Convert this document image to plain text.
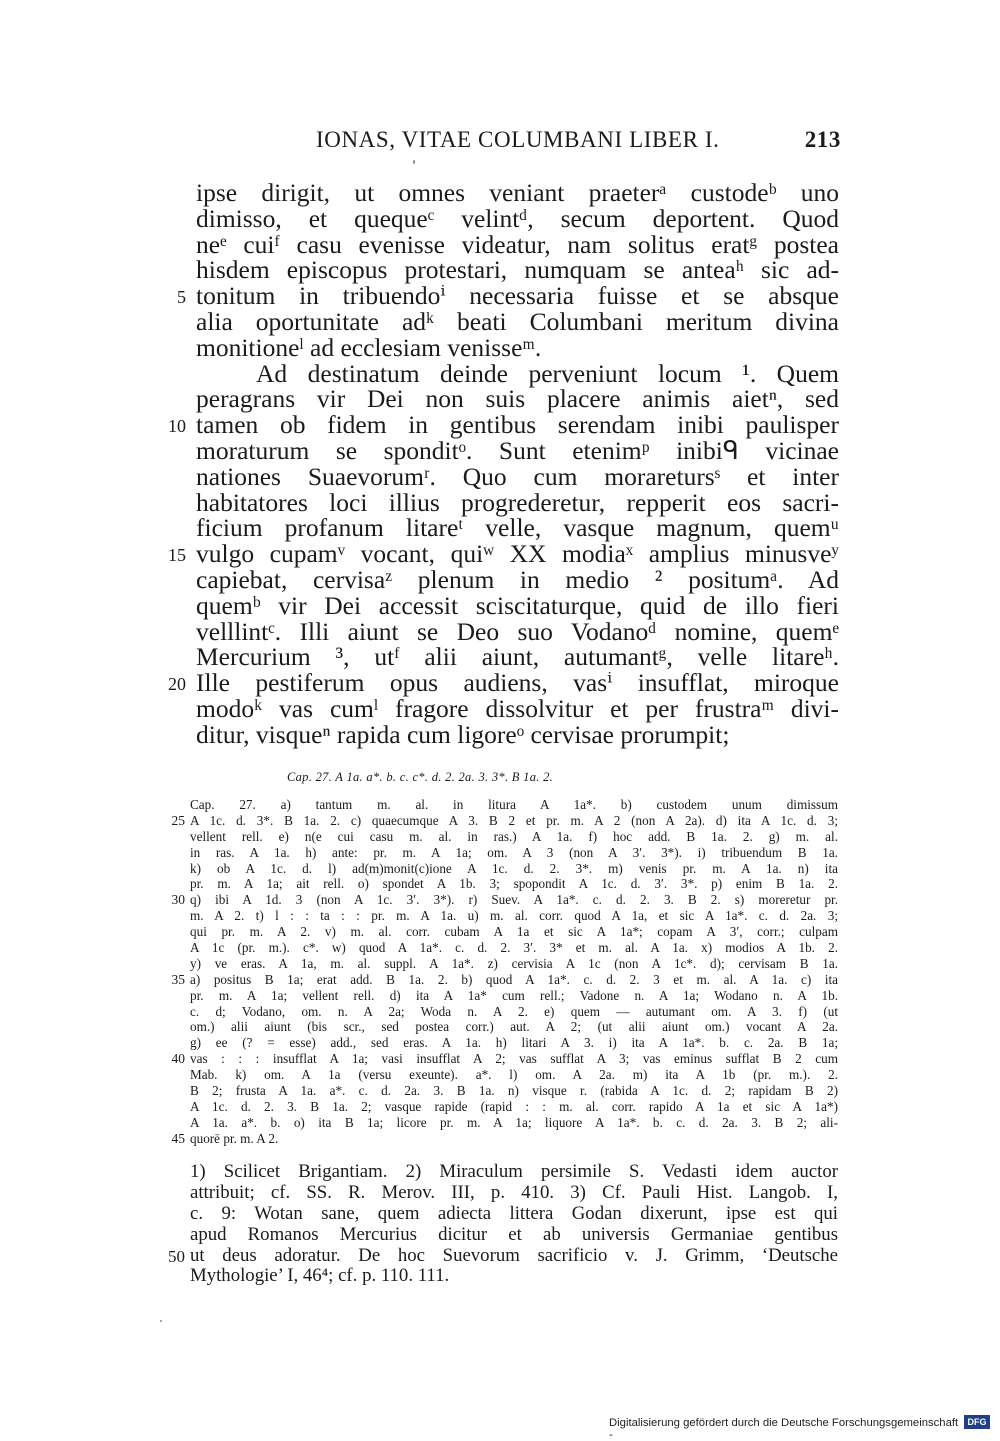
IONAS, VITAE COLUMBANI LIBER I.	213
ipse dirigit, ut omnes veniant praeterᵃ custodeᵇ uno
dimisso, et quequeᶜ velintᵈ, secum deportent. Quod
neᵉ cuiᶠ casu evenisse videatur, nam solitus eratᵍ postea
hisdem episcopus protestari, numquam se anteaʰ sic ad-
5 tonitum in tribuendoⁱ necessaria fuisse et se absque
alia oportunitate adᵏ beati Columbani meritum divina
monitioneˡ ad ecclesiam venisseᵐ.
Ad destinatum deinde perveniunt locum ¹. Quem
peragrans vir Dei non suis placere animis aietⁿ, sed
10 tamen ob fidem in gentibus serendam inibi paulisper
moraturum se sponditᵒ. Sunt etenimᵖ inibiᑫ vicinae
nationes Suaevorumʳ. Quo cum moraretursˢ et inter
habitatores loci illius progrederetur, repperit eos sacri-
ficium profanum litareᵗ velle, vasque magnum, quemᵘ
15 vulgo cupamᵛ vocant, quiʷ XX modiaˣ amplius minusveʸ
capiebat, cervisaᶻ plenum in medio ² positumᵃ. Ad
quemᵇ vir Dei accessit sciscitaturque, quid de illo fieri
velllintᶜ. Illi aiunt se Deo suo Vodanoᵈ nomine, quemᵉ
Mercurium ³, utᶠ alii aiunt, autumantᵍ, velle litareʰ.
20 Ille pestiferum opus audiens, vasⁱ insufflat, miroque
modoᵏ vas cumˡ fragore dissolvitur et per frustraᵐ divi-
ditur, visqueⁿ rapida cum ligoreᵒ cervisae prorumpit;
Cap. 27. A 1a. a*. b. c. c*. d. 2. 2a. 3. 3*. B 1a. 2.
Cap. 27. a) tantum m. al. in litura A 1a*. b) custodem unum dimissum
25 A 1c. d. 3*. B 1a. 2. c) quaecumque A 3. B 2 et pr. m. A 2 (non A 2a). d) ita A 1c. d. 3;
vellent rell. e) n(e cui casu m. al. in ras.) A 1a. f) hoc add. B 1a. 2. g) m. al.
in ras. A 1a. h) ante: pr. m. A 1a; om. A 3 (non A 3′. 3*). i) tribuendum B 1a.
k) ob A 1c. d. l) ad(m)monit(c)ione A 1c. d. 2. 3*. m) venis pr. m. A 1a. n) ita
pr. m. A 1a; ait rell. o) spondet A 1b. 3; spopondit A 1c. d. 3′. 3*. p) enim B 1a. 2.
30 q) ibi A 1d. 3 (non A 1c. 3′. 3*). r) Suev. A 1a*. c. d. 2. 3. B 2. s) moreretur pr.
m. A 2. t) l : : ta : : pr. m. A 1a. u) m. al. corr. quod A 1a, et sic A 1a*. c. d. 2a. 3;
qui pr. m. A 2. v) m. al. corr. cubam A 1a et sic A 1a*; copam A 3′, corr.; culpam
A 1c (pr. m.). c*. w) quod A 1a*. c. d. 2. 3′. 3* et m. al. A 1a. x) modios A 1b. 2.
y) ve eras. A 1a, m. al. suppl. A 1a*. z) cervisia A 1c (non A 1c*. d); cervisam B 1a.
35 a) positus B 1a; erat add. B 1a. 2. b) quod A 1a*. c. d. 2. 3 et m. al. A 1a. c) ita
pr. m. A 1a; vellent rell. d) ita A 1a* cum rell.; Vadone n. A 1a; Wodano n. A 1b.
c. d; Vodano, om. n. A 2a; Woda n. A 2. e) quem — autumant om. A 3. f) (ut
om.) alii aiunt (bis scr., sed postea corr.) aut. A 2; (ut alii aiunt om.) vocant A 2a.
g) ee (? = esse) add., sed eras. A 1a. h) litari A 3. i) ita A 1a*. b. c. 2a. B 1a;
40 vas : : : insufflat A 1a; vasi insufflat A 2; vas sufflat A 3; vas eminus sufflat B 2 cum
Mab. k) om. A 1a (versu exeunte). a*. l) om. A 2a. m) ita A 1b (pr. m.). 2.
B 2; frusta A 1a. a*. c. d. 2a. 3. B 1a. n) visque r. (rabida A 1c. d. 2; rapidam B 2)
A 1c. d. 2. 3. B 1a. 2; vasque rapide (rapid : : m. al. corr. rapido A 1a et sic A 1a*)
A 1a. a*. b. o) ita B 1a; licore pr. m. A 1a; liquore A 1a*. b. c. d. 2a. 3. B 2; ali-
45 quorē pr. m. A 2.
1) Scilicet Brigantiam. 2) Miraculum persimile S. Vedasti idem auctor
attribuit; cf. SS. R. Merov. III, p. 410. 3) Cf. Pauli Hist. Langob. I,
c. 9: Wotan sane, quem adiecta littera Godan dixerunt, ipse est qui
apud Romanos Mercurius dicitur et ab universis Germaniae gentibus
50 ut deus adoratur. De hoc Suevorum sacrificio v. J. Grimm, ‘Deutsche
Mythologie’ I, 46⁴; cf. p. 110. 111.
Digitalisierung gefördert durch die Deutsche Forschungsgemeinschaft -
DFG
